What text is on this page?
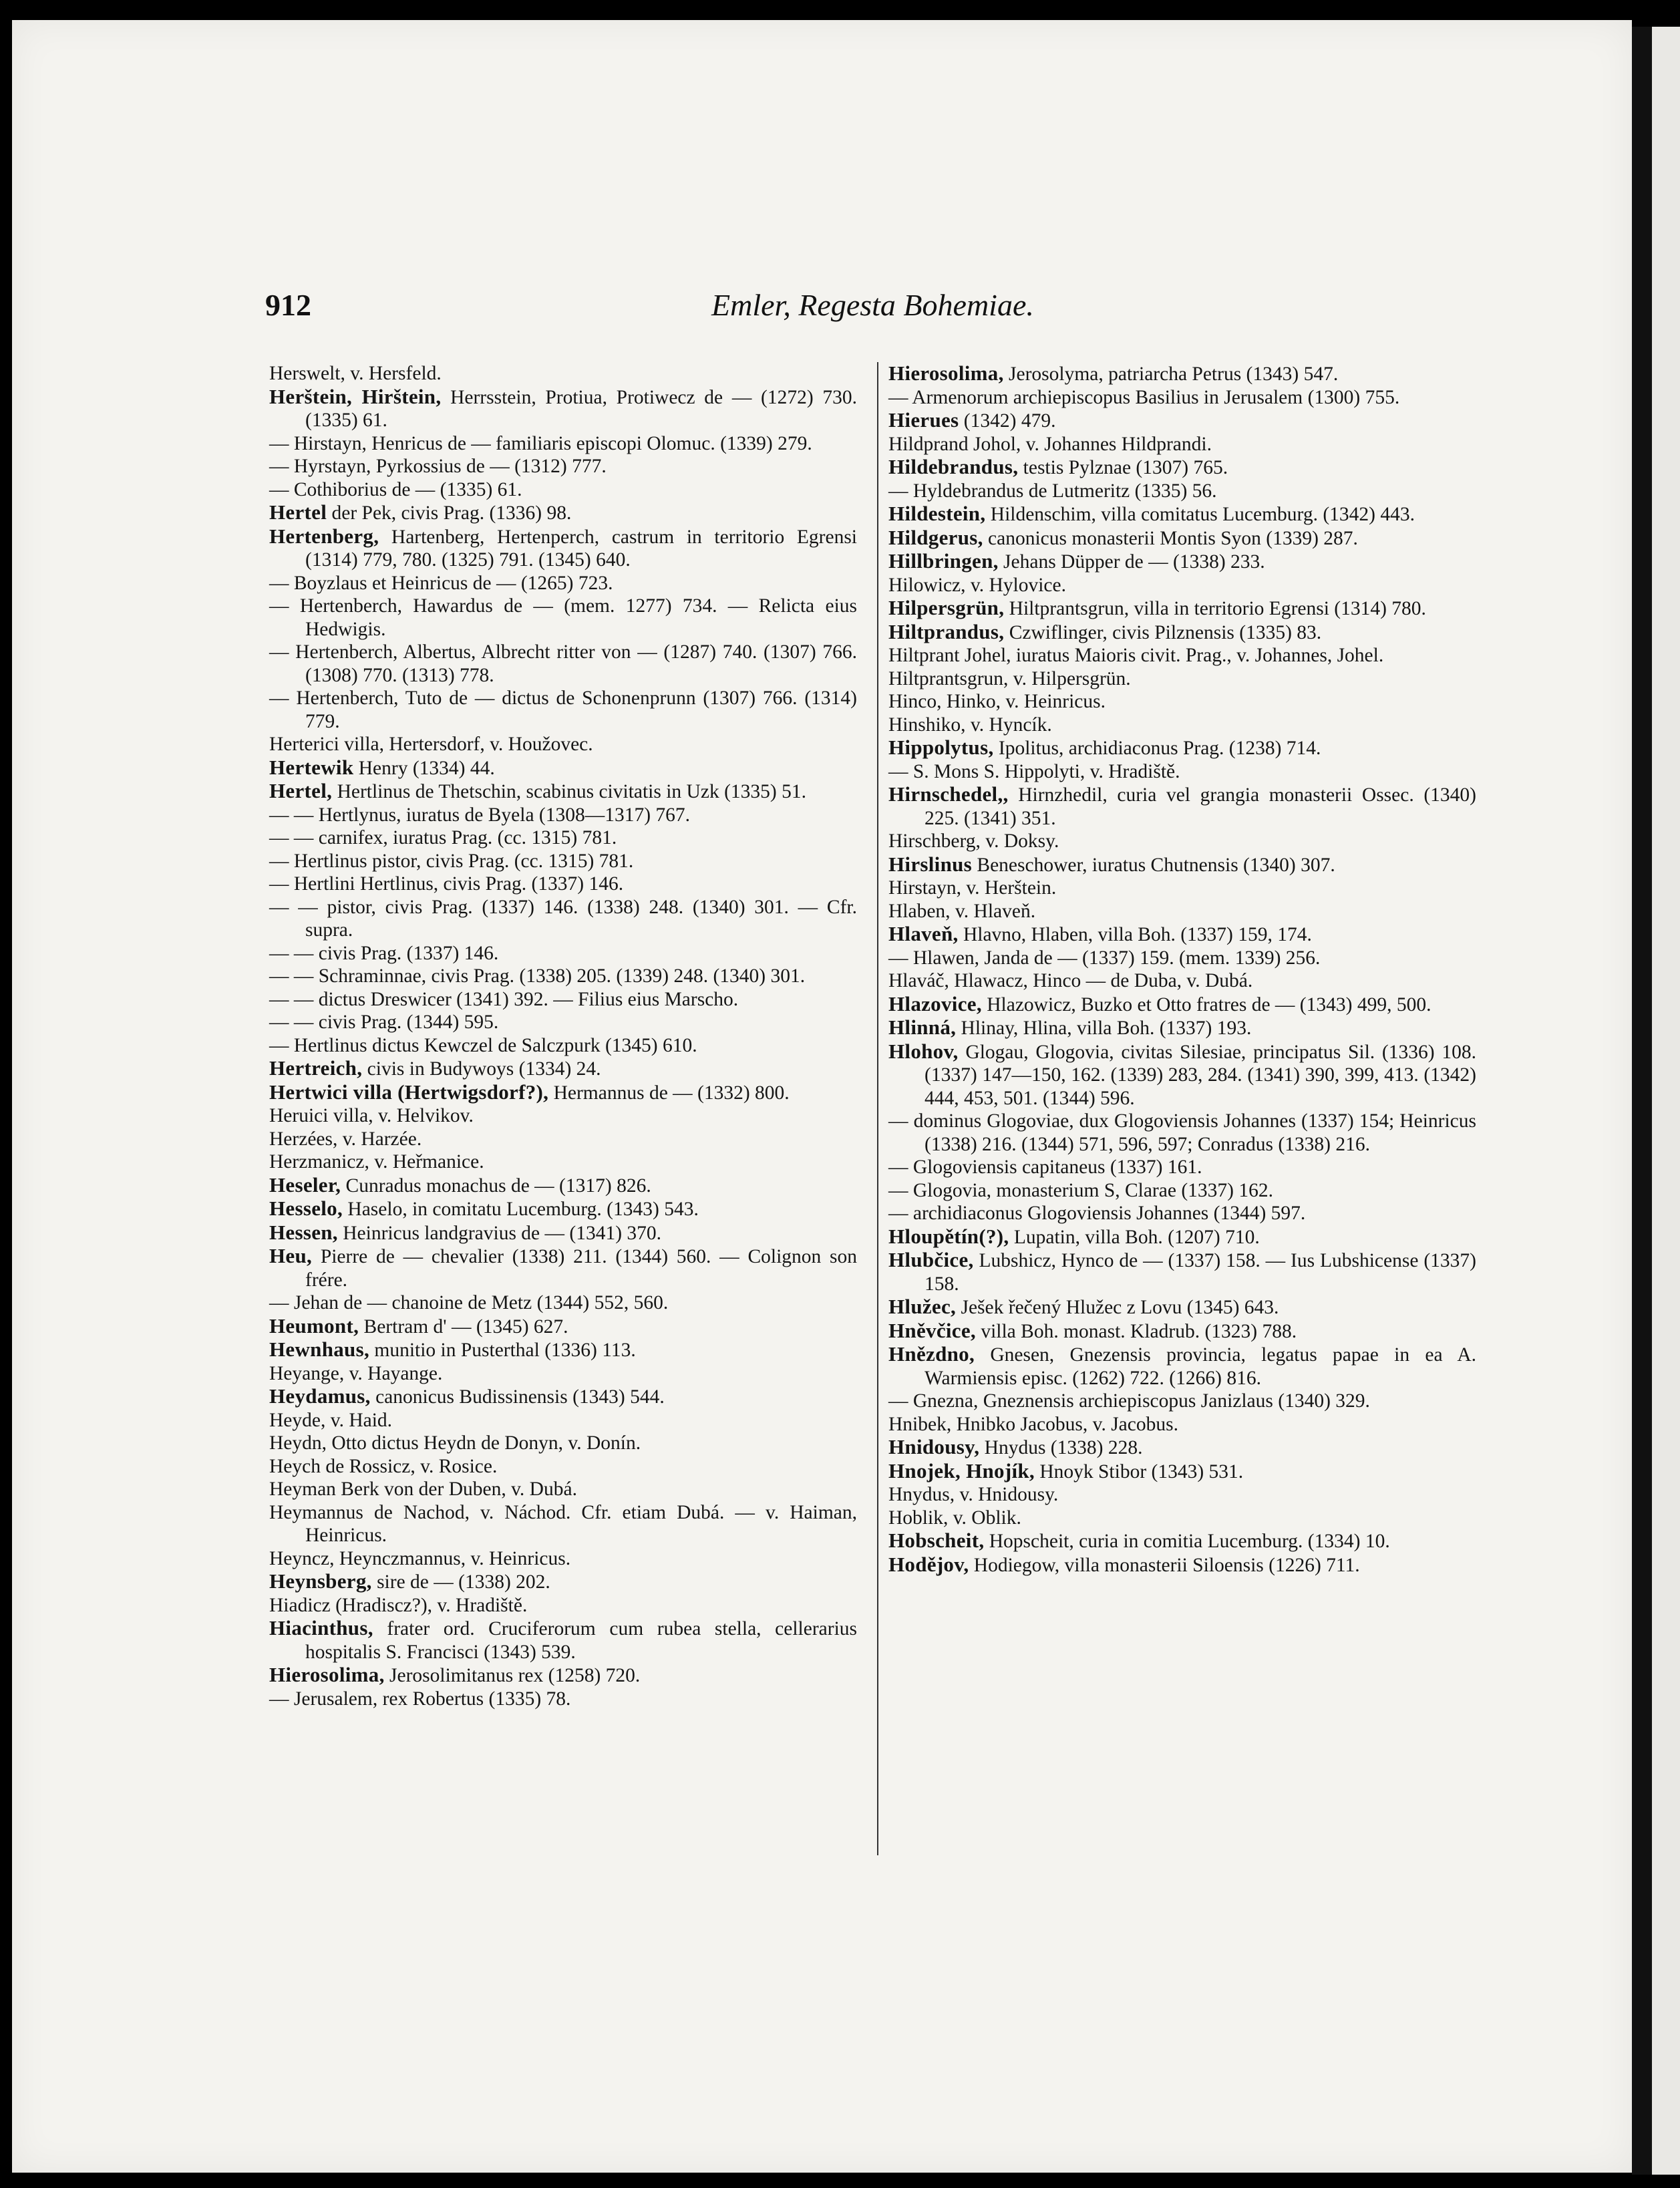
912	Emler, Regesta Bohemiae.

Herswelt, v. Hersfeld.

Herštein, Hirštein, Herrsstein, Protiua, Protiwecz de — (1272) 730. (1335) 61.

— Hirstayn, Henricus de — familiaris episcopi Olomuc. (1339) 279.

— Hyrstayn, Pyrkossius de — (1312) 777.

— Cothiborius de — (1335) 61.

Hertel der Pek, civis Prag. (1336) 98.

Hertenberg, Hartenberg, Hertenperch, castrum in territorio Egrensi (1314) 779, 780. (1325) 791. (1345) 640.

— Boyzlaus et Heinricus de — (1265) 723.

— Hertenberch, Hawardus de — (mem. 1277) 734. — Relicta eius Hedwigis.

— Hertenberch, Albertus, Albrecht ritter von — (1287) 740. (1307) 766. (1308) 770. (1313) 778.

— Hertenberch, Tuto de — dictus de Schonenprunn (1307) 766. (1314) 779.

Herterici villa, Hertersdorf, v. Houžovec.

Hertewik Henry (1334) 44.

Hertel, Hertlinus de Thetschin, scabinus civitatis in Uzk (1335) 51.

— — Hertlynus, iuratus de Byela (1308—1317) 767.

— — carnifex, iuratus Prag. (cc. 1315) 781.

— Hertlinus pistor, civis Prag. (cc. 1315) 781.

— Hertlini Hertlinus, civis Prag. (1337) 146.

— — pistor, civis Prag. (1337) 146. (1338) 248. (1340) 301. — Cfr. supra.

— — civis Prag. (1337) 146.

— — Schraminnae, civis Prag. (1338) 205. (1339) 248. (1340) 301.

— — dictus Dreswicer (1341) 392. — Filius eius Marscho.

— — civis Prag. (1344) 595.

— Hertlinus dictus Kewczel de Salczpurk (1345) 610.

Hertreich, civis in Budywoys (1334) 24.

Hertwici villa (Hertwigsdorf?), Hermannus de — (1332) 800.

Heruici villa, v. Helvikov.

Herzées, v. Harzée.

Herzmanicz, v. Heřmanice.

Heseler, Cunradus monachus de — (1317) 826.

Hesselo, Haselo, in comitatu Lucemburg. (1343) 543.

Hessen, Heinricus landgravius de — (1341) 370.

Heu, Pierre de — chevalier (1338) 211. (1344) 560. — Colignon son frére.

— Jehan de — chanoine de Metz (1344) 552, 560.

Heumont, Bertram d' — (1345) 627.

Hewnhaus, munitio in Pusterthal (1336) 113.

Heyange, v. Hayange.

Heydamus, canonicus Budissinensis (1343) 544.

Heyde, v. Haid.

Heydn, Otto dictus Heydn de Donyn, v. Donín.

Heych de Rossicz, v. Rosice.

Heyman Berk von der Duben, v. Dubá.

Heymannus de Nachod, v. Náchod. Cfr. etiam Dubá. — v. Haiman, Heinricus.

Heyncz, Heynczmannus, v. Heinricus.

Heynsberg, sire de — (1338) 202.

Hiadicz (Hradiscz?), v. Hradiště.

Hiacinthus, frater ord. Cruciferorum cum rubea stella, cellerarius hospitalis S. Francisci (1343) 539.

Hierosolima, Jerosolimitanus rex (1258) 720.

— Jerusalem, rex Robertus (1335) 78.

Hierosolima, Jerosolyma, patriarcha Petrus (1343) 547.

— Armenorum archiepiscopus Basilius in Jerusalem (1300) 755.

Hierues (1342) 479.

Hildprand Johol, v. Johannes Hildprandi.

Hildebrandus, testis Pylznae (1307) 765.

— Hyldebrandus de Lutmeritz (1335) 56.

Hildestein, Hildenschim, villa comitatus Lucemburg. (1342) 443.

Hildgerus, canonicus monasterii Montis Syon (1339) 287.

Hillbringen, Jehans Düpper de — (1338) 233.

Hilowicz, v. Hylovice.

Hilpersgrün, Hiltprantsgrun, villa in territorio Egrensi (1314) 780.

Hiltprandus, Czwiflinger, civis Pilznensis (1335) 83.

Hiltprant Johel, iuratus Maioris civit. Prag., v. Johannes, Johel.

Hiltprantsgrun, v. Hilpersgrün.

Hinco, Hinko, v. Heinricus.

Hinshiko, v. Hyncík.

Hippolytus, Ipolitus, archidiaconus Prag. (1238) 714.

— S. Mons S. Hippolyti, v. Hradiště.

Hirnschedel,, Hirnzhedil, curia vel grangia monasterii Ossec. (1340) 225. (1341) 351.

Hirschberg, v. Doksy.

Hirslinus Beneschower, iuratus Chutnensis (1340) 307.

Hirstayn, v. Herštein.

Hlaben, v. Hlaveň.

Hlaveň, Hlavno, Hlaben, villa Boh. (1337) 159, 174.

— Hlawen, Janda de — (1337) 159. (mem. 1339) 256.

Hlaváč, Hlawacz, Hinco — de Duba, v. Dubá.

Hlazovice, Hlazowicz, Buzko et Otto fratres de — (1343) 499, 500.

Hlinná, Hlinay, Hlina, villa Boh. (1337) 193.

Hlohov, Glogau, Glogovia, civitas Silesiae, principatus Sil. (1336) 108. (1337) 147—150, 162. (1339) 283, 284. (1341) 390, 399, 413. (1342) 444, 453, 501. (1344) 596.

— dominus Glogoviae, dux Glogoviensis Johannes (1337) 154; Heinricus (1338) 216. (1344) 571, 596, 597; Conradus (1338) 216.

— Glogoviensis capitaneus (1337) 161.

— Glogovia, monasterium S, Clarae (1337) 162.

— archidiaconus Glogoviensis Johannes (1344) 597.

Hloupětín(?), Lupatin, villa Boh. (1207) 710.

Hlubčice, Lubshicz, Hynco de — (1337) 158. — Ius Lubshicense (1337) 158.

Hlužec, Ješek řečený Hlužec z Lovu (1345) 643.

Hněvčice, villa Boh. monast. Kladrub. (1323) 788.

Hnězdno, Gnesen, Gnezensis provincia, legatus papae in ea A. Warmiensis episc. (1262) 722. (1266) 816.

— Gnezna, Gneznensis archiepiscopus Janizlaus (1340) 329.

Hnibek, Hnibko Jacobus, v. Jacobus.

Hnidousy, Hnydus (1338) 228.

Hnojek, Hnojík, Hnoyk Stibor (1343) 531.

Hnydus, v. Hnidousy.

Hoblik, v. Oblik.

Hobscheit, Hopscheit, curia in comitia Lucemburg. (1334) 10.

Hodějov, Hodiegow, villa monasterii Siloensis (1226) 711.
